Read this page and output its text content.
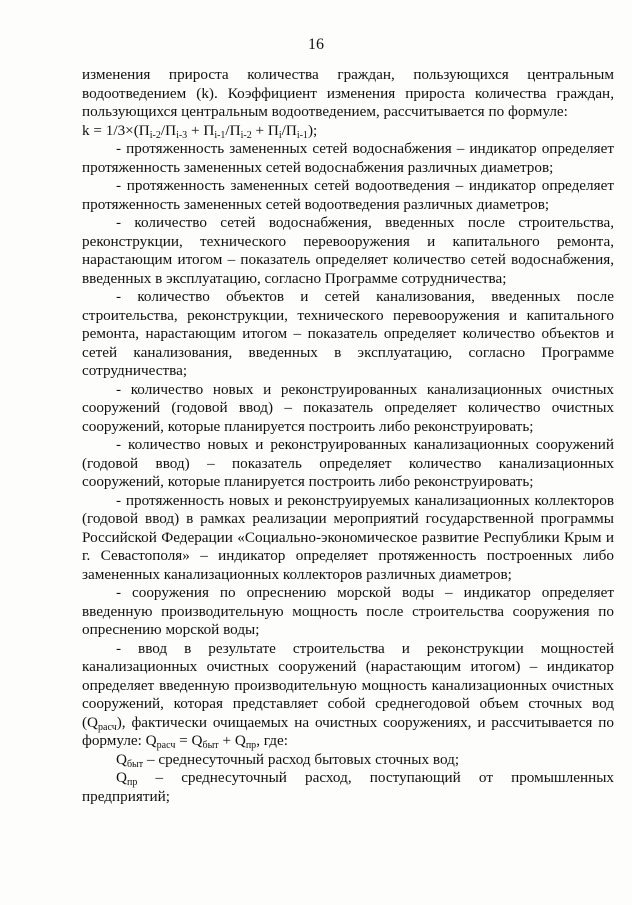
16

изменения прироста количества граждан, пользующихся центральным водоотведением (k). Коэффициент изменения прироста количества граждан, пользующихся центральным водоотведением, рассчитывается по формуле:

$k = 1/3\times(П_{i-2}/П_{i-3} + П_{i-1}/П_{i-2} + П_i/П_{i-1})$;

- протяженность замененных сетей водоснабжения – индикатор определяет протяженность замененных сетей водоснабжения различных диаметров;

- протяженность замененных сетей водоотведения – индикатор определяет протяженность замененных сетей водоотведения различных диаметров;

- количество сетей водоснабжения, введенных после строительства, реконструкции, технического перевооружения и капитального ремонта, нарастающим итогом – показатель определяет количество сетей водоснабжения, введенных в эксплуатацию, согласно Программе сотрудничества;

- количество объектов и сетей канализования, введенных после строительства, реконструкции, технического перевооружения и капитального ремонта, нарастающим итогом – показатель определяет количество объектов и сетей канализования, введенных в эксплуатацию, согласно Программе сотрудничества;

- количество новых и реконструированных канализационных очистных сооружений (годовой ввод) – показатель определяет количество очистных сооружений, которые планируется построить либо реконструировать;

- количество новых и реконструированных канализационных сооружений (годовой ввод) – показатель определяет количество канализационных сооружений, которые планируется построить либо реконструировать;

- протяженность новых и реконструируемых канализационных коллекторов (годовой ввод) в рамках реализации мероприятий государственной программы Российской Федерации «Социально-экономическое развитие Республики Крым и г. Севастополя» – индикатор определяет протяженность построенных либо замененных канализационных коллекторов различных диаметров;

- сооружения по опреснению морской воды – индикатор определяет введенную производительную мощность после строительства сооружения по опреснению морской воды;

- ввод в результате строительства и реконструкции мощностей канализационных очистных сооружений (нарастающим итогом) – индикатор определяет введенную производительную мощность канализационных очистных сооружений, которая представляет собой среднегодовой объем сточных вод $(Q_{расч})$, фактически очищаемых на очистных сооружениях, и рассчитывается по формуле: $Q_{расч} = Q_{быт} + Q_{пр}$, где:

$Q_{быт}$ – среднесуточный расход бытовых сточных вод;

$Q_{пр}$ – среднесуточный расход, поступающий от промышленных предприятий;
